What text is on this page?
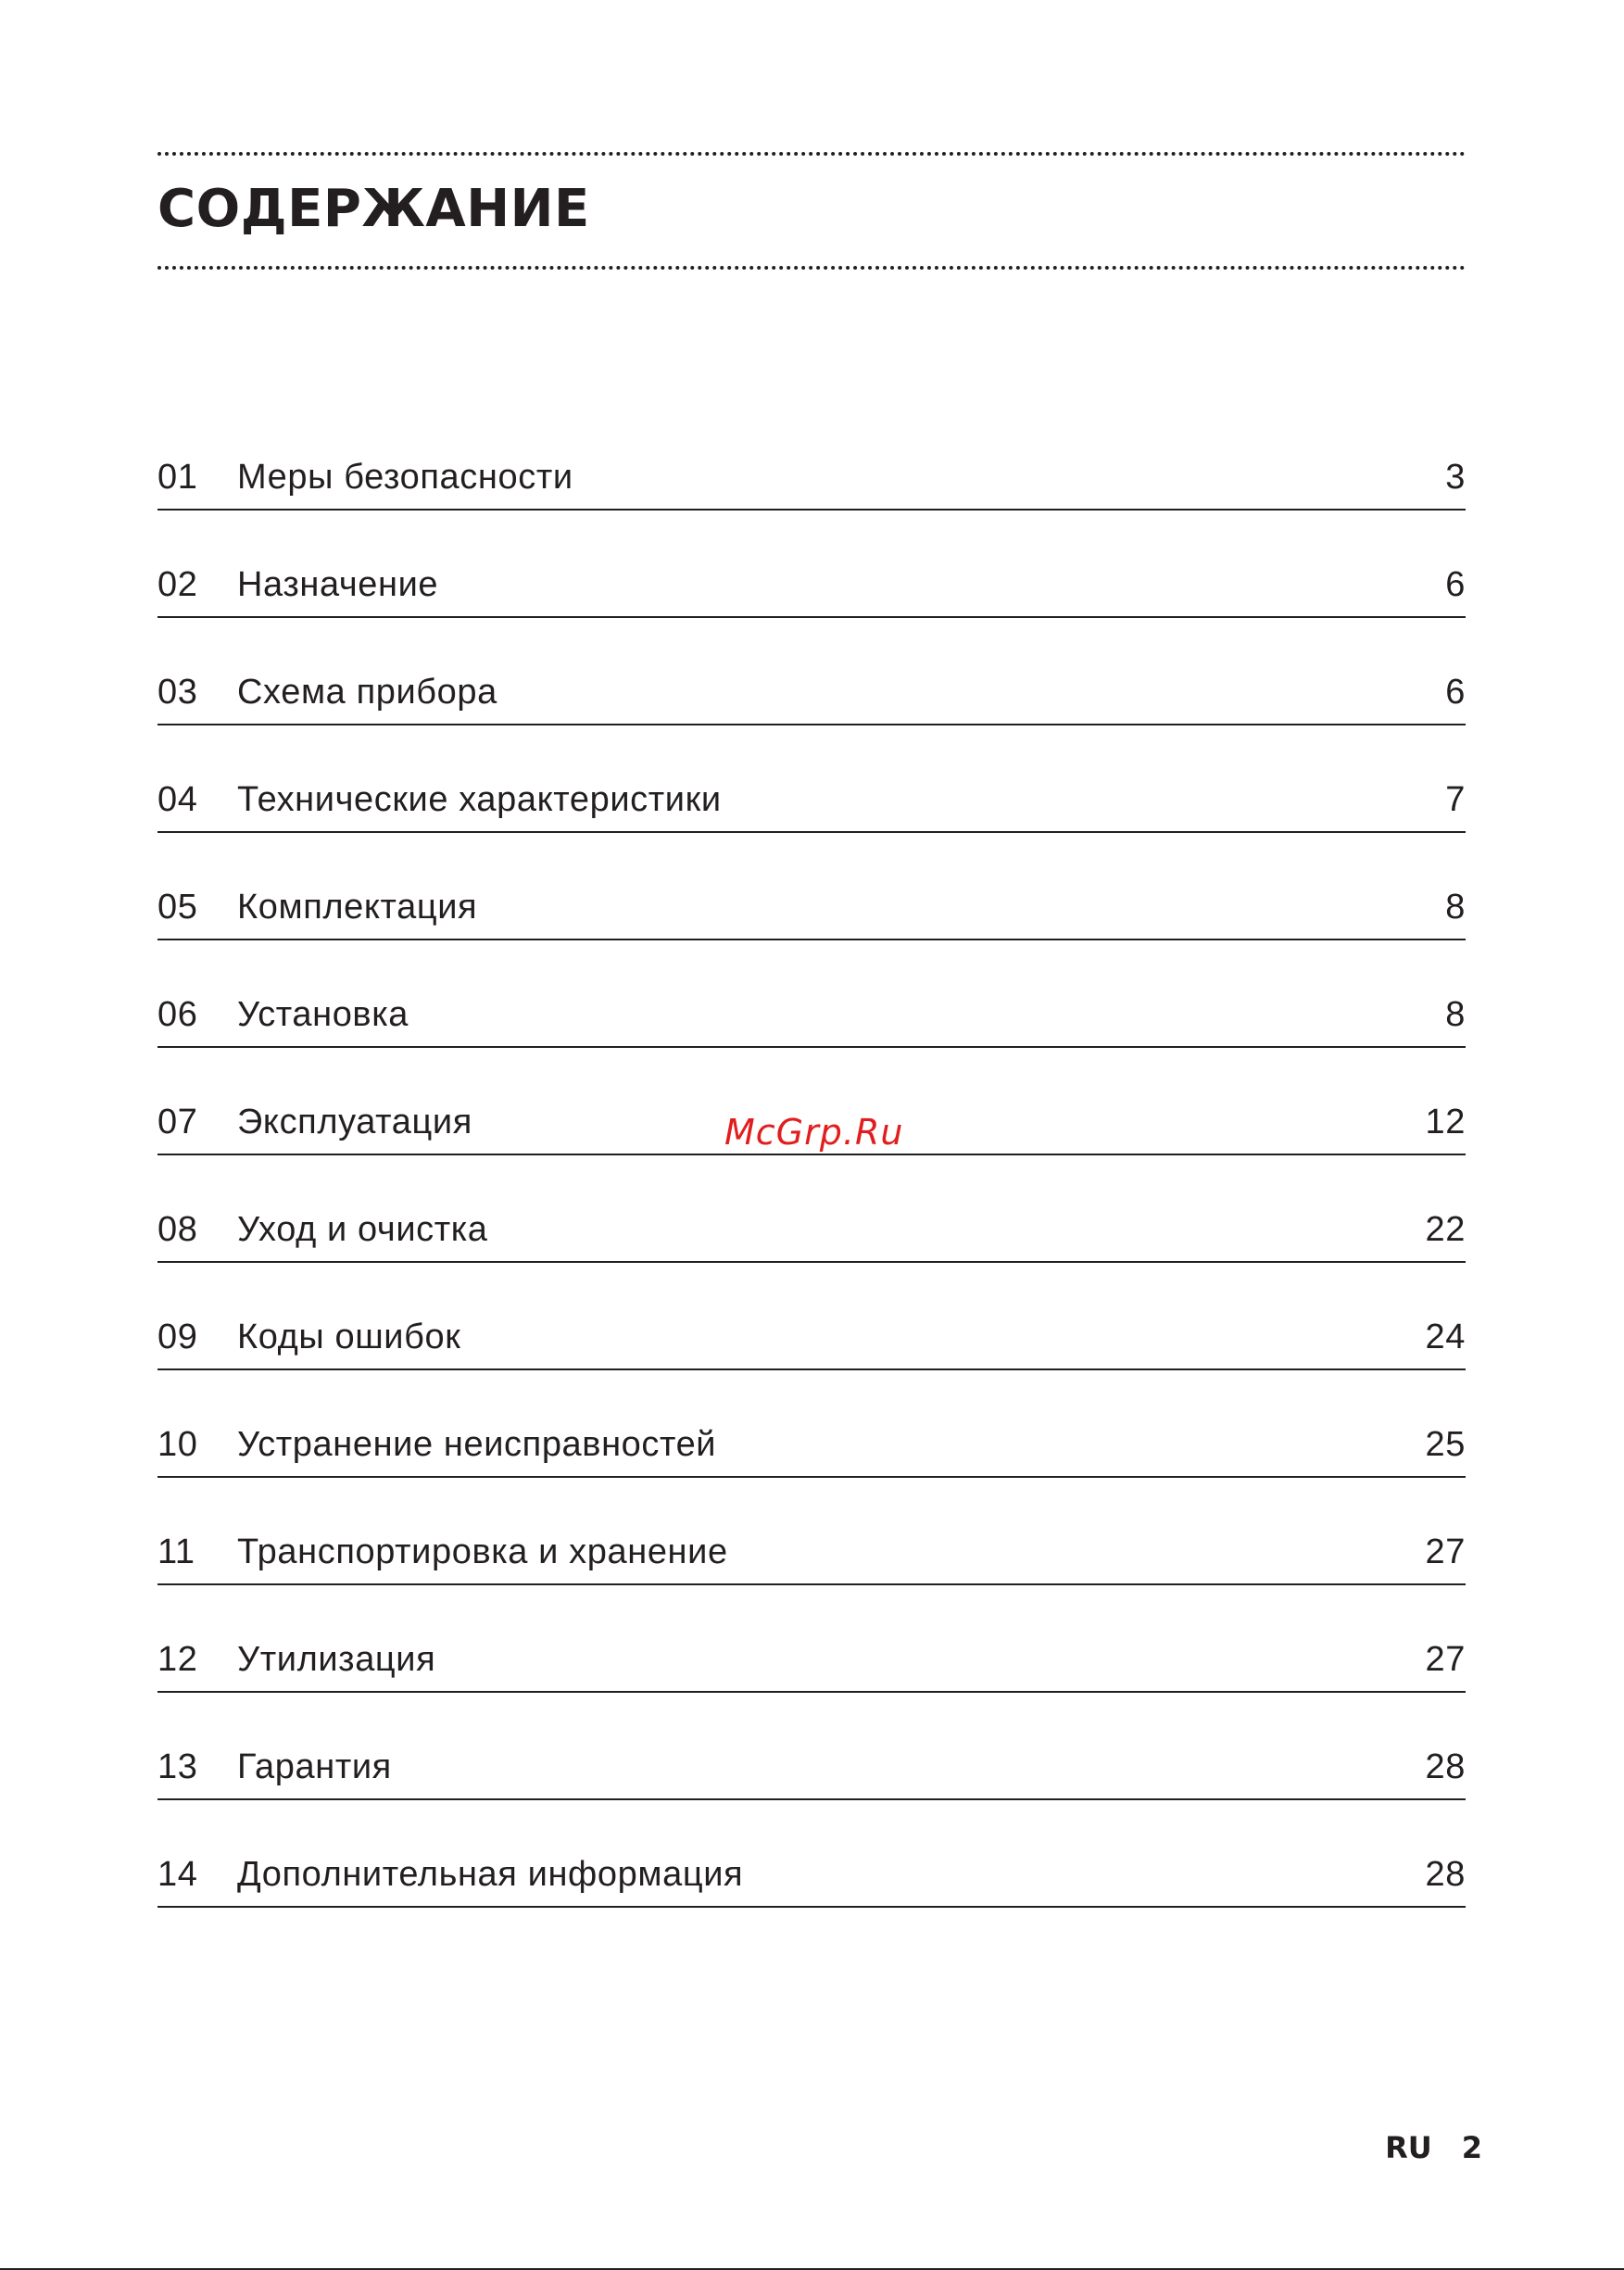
СОДЕРЖАНИЕ
01 Меры безопасности	3
02 Назначение	6
03 Схема прибора	6
04 Технические характеристики	7
05 Комплектация	8
06 Установка	8
07 Эксплуатация	12
08 Уход и очистка	22
09 Коды ошибок	24
10 Устранение неисправностей	25
11 Транспортировка и хранение	27
12 Утилизация	27
13 Гарантия	28
14 Дополнительная информация	28
McGrp.Ru
RU 2
